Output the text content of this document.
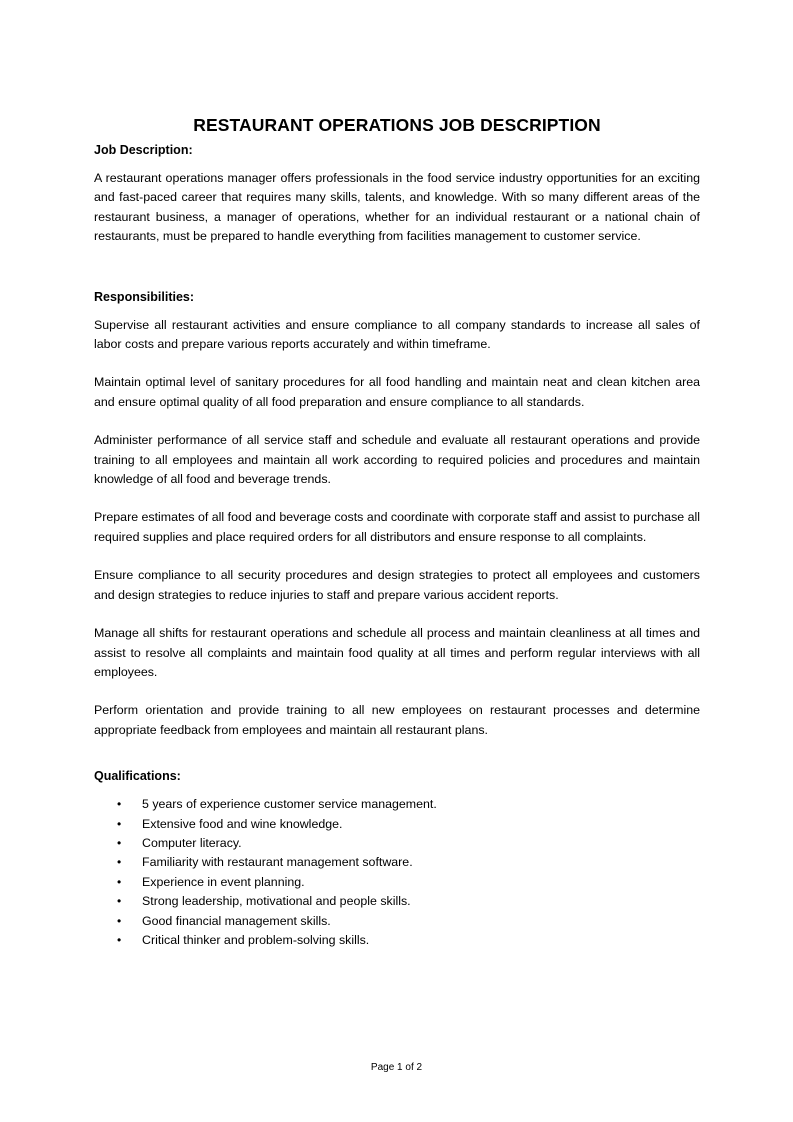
RESTAURANT OPERATIONS JOB DESCRIPTION
Job Description:

A restaurant operations manager offers professionals in the food service industry opportunities for an exciting and fast-paced career that requires many skills, talents, and knowledge. With so many different areas of the restaurant business, a manager of operations, whether for an individual restaurant or a national chain of restaurants, must be prepared to handle everything from facilities management to customer service.

Responsibilities:

Supervise all restaurant activities and ensure compliance to all company standards to increase all sales of labor costs and prepare various reports accurately and within timeframe.

Maintain optimal level of sanitary procedures for all food handling and maintain neat and clean kitchen area and ensure optimal quality of all food preparation and ensure compliance to all standards.

Administer performance of all service staff and schedule and evaluate all restaurant operations and provide training to all employees and maintain all work according to required policies and procedures and maintain knowledge of all food and beverage trends.

Prepare estimates of all food and beverage costs and coordinate with corporate staff and assist to purchase all required supplies and place required orders for all distributors and ensure response to all complaints.

Ensure compliance to all security procedures and design strategies to protect all employees and customers and design strategies to reduce injuries to staff and prepare various accident reports.

Manage all shifts for restaurant operations and schedule all process and maintain cleanliness at all times and assist to resolve all complaints and maintain food quality at all times and perform regular interviews with all employees.

Perform orientation and provide training to all new employees on restaurant processes and determine appropriate feedback from employees and maintain all restaurant plans.

Qualifications:
• 5 years of experience customer service management.
• Extensive food and wine knowledge.
• Computer literacy.
• Familiarity with restaurant management software.
• Experience in event planning.
• Strong leadership, motivational and people skills.
• Good financial management skills.
• Critical thinker and problem-solving skills.
Page 1 of 2
